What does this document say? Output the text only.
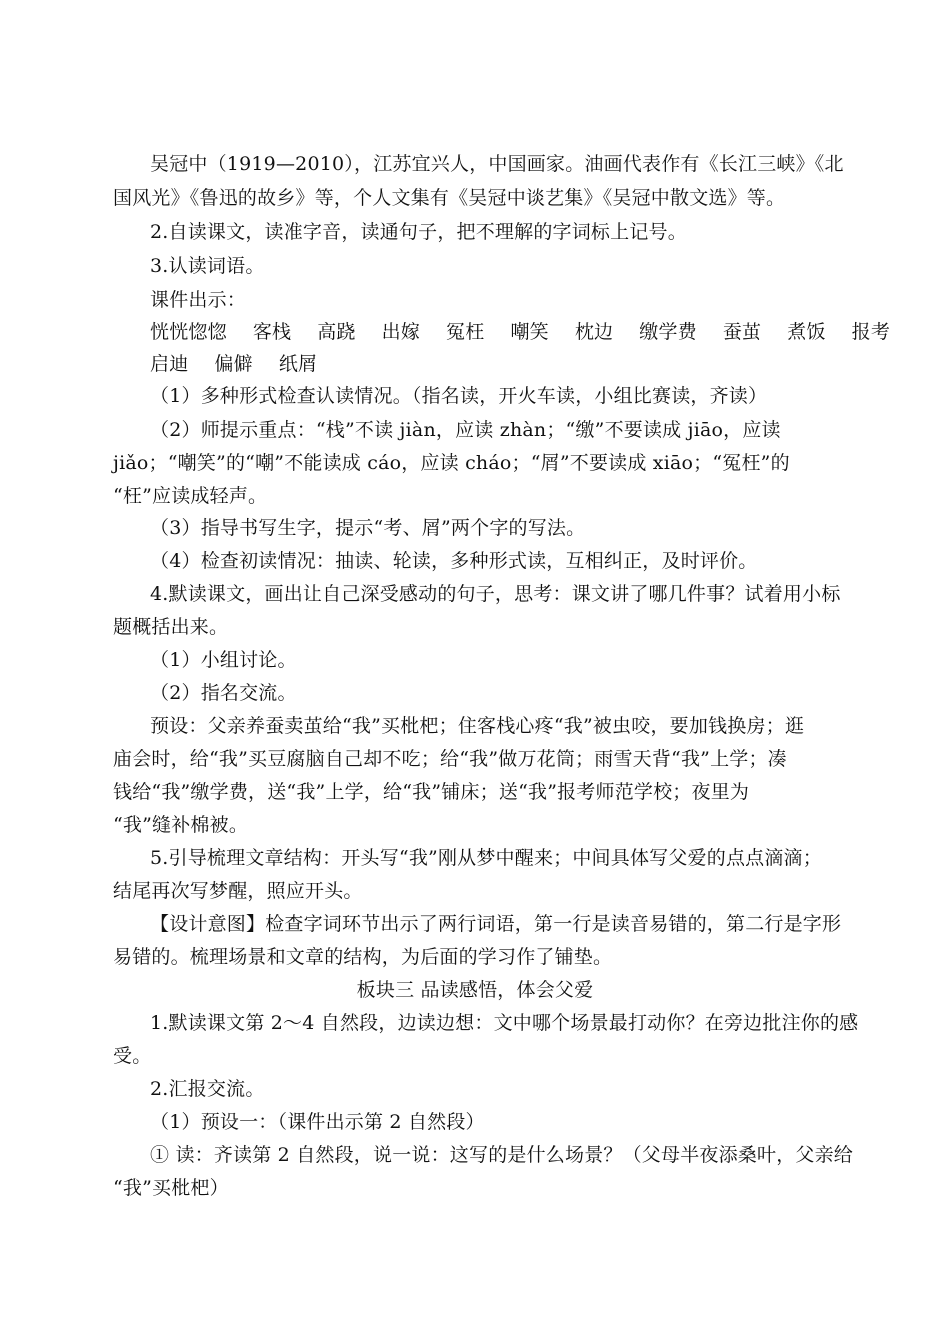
吴冠中（1919—2010），江苏宜兴人，中国画家。油画代表作有《长江三峡》《北
国风光》《鲁迅的故乡》等，个人文集有《吴冠中谈艺集》《吴冠中散文选》等。
2.自读课文，读准字音，读通句子，把不理解的字词标上记号。
3.认读词语。
课件出示：
恍恍惚惚 客栈 高跷 出嫁 冤枉 嘲笑 枕边 缴学费 蚕茧 煮饭 报考
启迪 偏僻 纸屑
（1）多种形式检查认读情况。（指名读，开火车读，小组比赛读，齐读）
（2）师提示重点：“栈”不读 jiàn，应读 zhàn；“缴”不要读成 jiāo，应读
jiǎo；“嘲笑”的“嘲”不能读成 cáo，应读 cháo；“屑”不要读成 xiāo；“冤枉”的
“枉”应读成轻声。
（3）指导书写生字，提示“考、屑”两个字的写法。
（4）检查初读情况：抽读、轮读，多种形式读，互相纠正，及时评价。
4.默读课文，画出让自己深受感动的句子，思考：课文讲了哪几件事？试着用小标
题概括出来。
（1）小组讨论。
（2）指名交流。
预设：父亲养蚕卖茧给“我”买枇杷；住客栈心疼“我”被虫咬，要加钱换房；逛
庙会时，给“我”买豆腐脑自己却不吃；给“我”做万花筒；雨雪天背“我”上学；凑
钱给“我”缴学费，送“我”上学，给“我”铺床；送“我”报考师范学校；夜里为
“我”缝补棉被。
5.引导梳理文章结构：开头写“我”刚从梦中醒来；中间具体写父爱的点点滴滴；
结尾再次写梦醒，照应开头。
【设计意图】检查字词环节出示了两行词语，第一行是读音易错的，第二行是字形
易错的。梳理场景和文章的结构，为后面的学习作了铺垫。
板块三 品读感悟，体会父爱
1.默读课文第 2～4 自然段，边读边想：文中哪个场景最打动你？在旁边批注你的感
受。
2.汇报交流。
（1）预设一：（课件出示第 2 自然段）
① 读：齐读第 2 自然段，说一说：这写的是什么场景？（父母半夜添桑叶，父亲给
“我”买枇杷）
